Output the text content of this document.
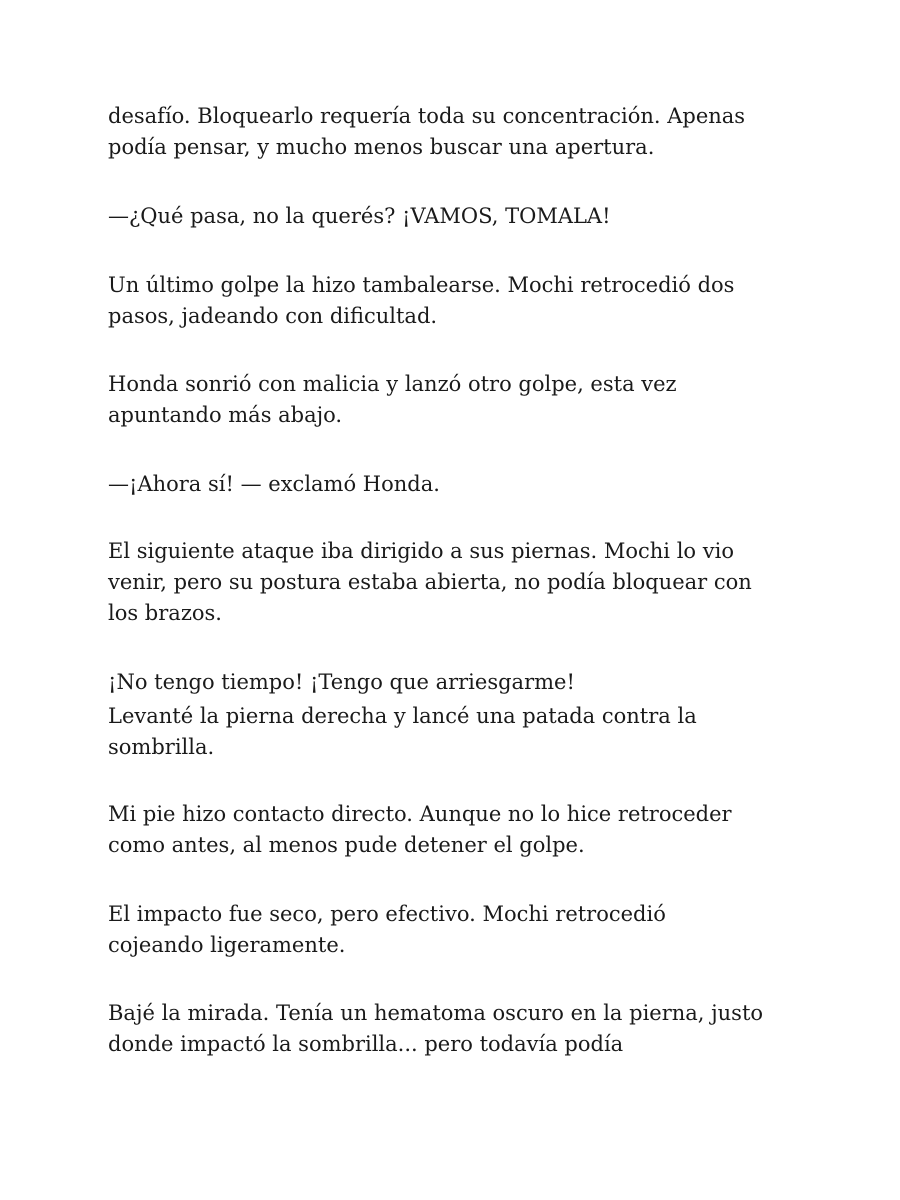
desafío. Bloquearlo requería toda su concentración. Apenas
podía pensar, y mucho menos buscar una apertura.

—¿Qué pasa, no la querés? ¡VAMOS, TOMALA!

Un último golpe la hizo tambalearse. Mochi retrocedió dos
pasos, jadeando con dificultad.

Honda sonrió con malicia y lanzó otro golpe, esta vez
apuntando más abajo.

—¡Ahora sí! — exclamó Honda.

El siguiente ataque iba dirigido a sus piernas. Mochi lo vio
venir, pero su postura estaba abierta, no podía bloquear con
los brazos.

¡No tengo tiempo! ¡Tengo que arriesgarme!

Levanté la pierna derecha y lancé una patada contra la
sombrilla.

Mi pie hizo contacto directo. Aunque no lo hice retroceder
como antes, al menos pude detener el golpe.

El impacto fue seco, pero efectivo. Mochi retrocedió
cojeando ligeramente.

Bajé la mirada. Tenía un hematoma oscuro en la pierna, justo
donde impactó la sombrilla... pero todavía podía
